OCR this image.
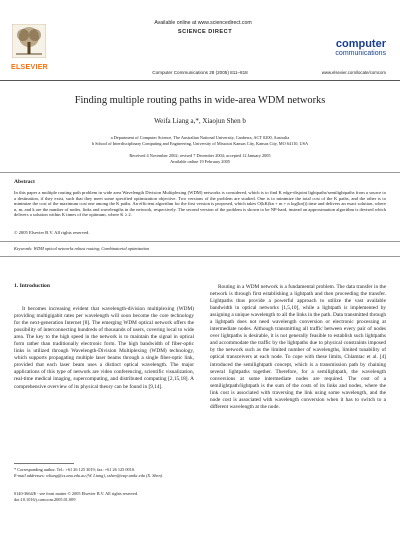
Available online at www.sciencedirect.com
SCIENCE DIRECT
ELSEVIER
Computer Communications 28 (2005) 811–818
computer
communications
www.elsevier.com/locate/comcom
Finding multiple routing paths in wide-area WDM networks
Weifa Liang a,*, Xiaojun Shen b
a Department of Computer Science, The Australian National University, Canberra, ACT 0200, Australia
b School of Interdisciplinary Computing and Engineering, University of Missouri Kansas City, Kansas City, MO 64110, USA
Received 4 November 2002; revised 7 December 2004; accepted 12 January 2005
Available online 19 February 2005
Abstract
In this paper a multiple routing path problem in wide area Wavelength Division Multiplexing (WDM) networks is considered, which is to find K edge-disjoint lightpaths/semilightpaths from a source to a destination, if they exist, such that they meet some specified optimization objective. Two versions of the problem are studied. One is to minimize the total cost of the K paths, and the other is to minimize the cost of the maximum cost one among the K paths. An efficient algorithm for the first version is proposed, which takes O(kK(kn + m + n log(kn))) time and delivers an exact solution, where n, m, and k are the number of nodes, links and wavelengths in the network, respectively. The second version of the problem is shown to be NP-hard, instead an approximation algorithm is devised which delivers a solution within K times of the optimum, where K ≥ 2.
© 2005 Elsevier B.V. All rights reserved.
Keywords: WDM optical networks robust routing; Combinatorial optimization
1. Introduction

It becomes increasing evident that wavelength-division multiplexing (WDM) providing multigigabit rates per wavelength will soon become the core technology for the next-generation Internet [8]. The emerging WDM optical network offers the possibility of interconnecting hundreds of thousands of users, covering local to wide area. The key to the high speed in the network is to maintain the signal in optical form rather than traditionally electronic form. The high bandwidth of fiber-optic links is utilized through Wavelength-Division Multiplexing (WDM) technology, which supports propagating multiple laser beams through a single fiber-optic link, provided that each laser beam uses a distinct optical wavelength. The major applications of this type of network are video conferencing, scientific visualization, real-time medical imaging, supercomputing, and distributed computing [2,15,18]. A comprehensive overview of its physical theory can be found in [9,14].

Routing in a WDM network is a fundamental problem. The data transfer in the network is through first establishing a lightpath and then proceeding the transfer. Lightpaths thus provide a powerful approach to utilize the vast available bandwidth in optical networks [1,5,10], while a lightpath is implemented by assigning a unique wavelength to all the links in the path. Data transmitted through a lightpath does not need wavelength conversion or electronic processing at intermediate nodes. Although transmitting all traffic between every pair of nodes over lightpaths is desirable, it is not generally feasible to establish such lightpaths and accommodate the traffic by the lightpaths due to physical constraints imposed by the network such as the limited number of wavelengths, limited tunability of optical transceivers at each node. To cope with these limits, Chlamtac et al. [4] introduced the semilightpath concept, which is a transmission path by chaining several lightpaths together. Therefore, for a semilightpath, the wavelength conversions at some intermediate nodes are required. The cost of a semilightpath/lightpath is the sum of the costs of its links and nodes, where the link cost is associated with traversing the link using some wavelength, and the node cost is associated with wavelength conversion when it has to switch to a different wavelength at the node.

* Corresponding author. Tel.: +61 26 125 3019; fax: +61 26 125 0010.
E-mail addresses: wliang@cs.anu.edu.au (W. Liang), xshen@cstp.umkc.edu (X. Shen).
0140-3664/$ - see front matter © 2005 Elsevier B.V. All rights reserved.
doi:10.1016/j.comcom.2005.01.009
